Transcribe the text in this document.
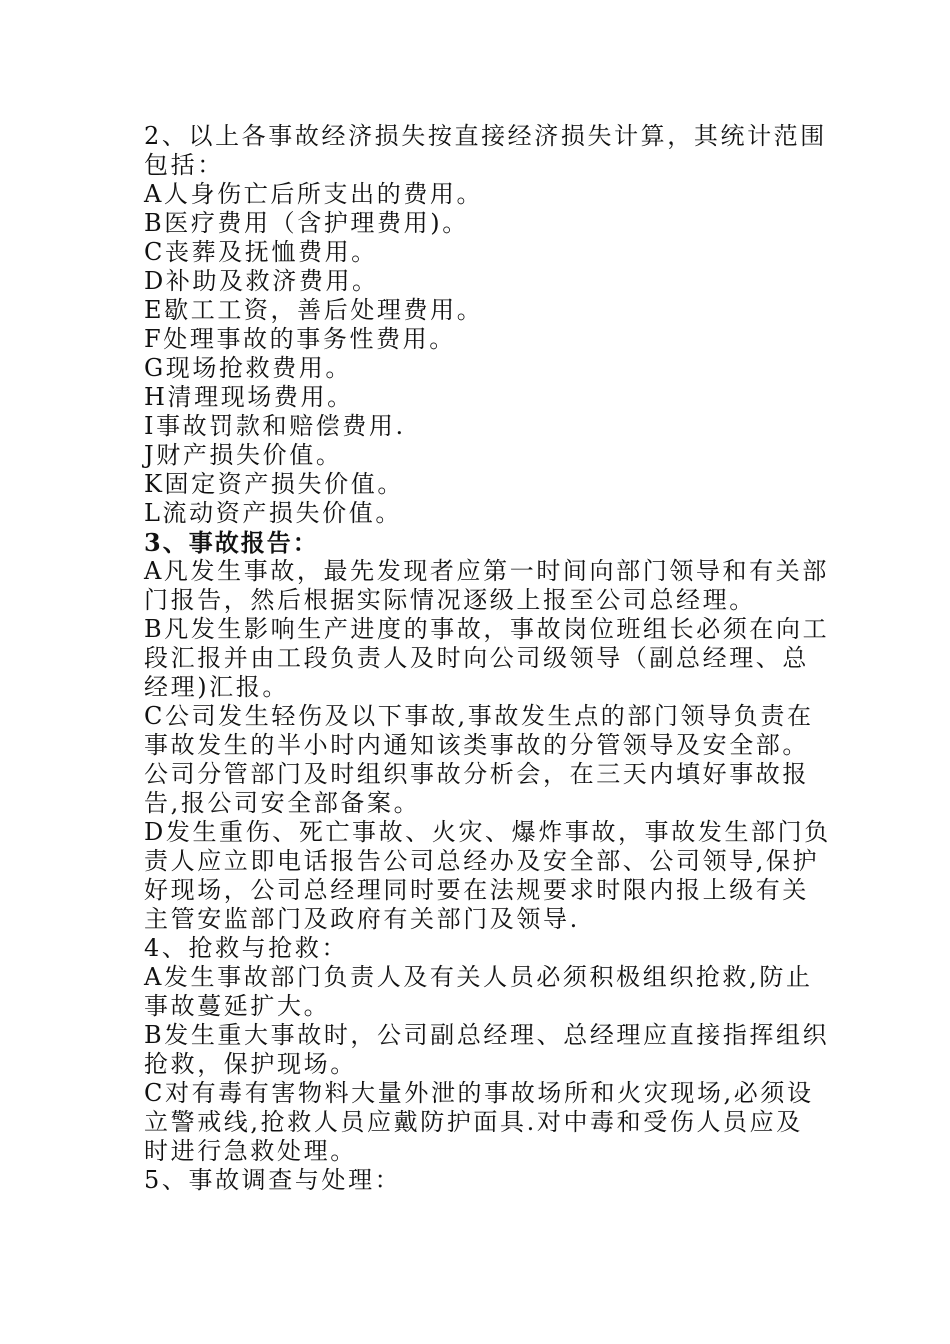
2、以上各事故经济损失按直接经济损失计算，其统计范围
包括：
A人身伤亡后所支出的费用。
B医疗费用（含护理费用)。
C丧葬及抚恤费用。
D补助及救济费用。
E歇工工资，善后处理费用。
F处理事故的事务性费用。
G现场抢救费用。
H清理现场费用。
I事故罚款和赔偿费用.
J财产损失价值。
K固定资产损失价值。
L流动资产损失价值。
3、事故报告：
A凡发生事故，最先发现者应第一时间向部门领导和有关部
门报告，然后根据实际情况逐级上报至公司总经理。
B凡发生影响生产进度的事故，事故岗位班组长必须在向工
段汇报并由工段负责人及时向公司级领导（副总经理、总
经理)汇报。
C公司发生轻伤及以下事故,事故发生点的部门领导负责在
事故发生的半小时内通知该类事故的分管领导及安全部。
公司分管部门及时组织事故分析会，在三天内填好事故报
告,报公司安全部备案。
D发生重伤、死亡事故、火灾、爆炸事故，事故发生部门负
责人应立即电话报告公司总经办及安全部、公司领导,保护
好现场，公司总经理同时要在法规要求时限内报上级有关
主管安监部门及政府有关部门及领导.
4、抢救与抢救：
A发生事故部门负责人及有关人员必须积极组织抢救,防止
事故蔓延扩大。
B发生重大事故时，公司副总经理、总经理应直接指挥组织
抢救，保护现场。
C对有毒有害物料大量外泄的事故场所和火灾现场,必须设
立警戒线,抢救人员应戴防护面具.对中毒和受伤人员应及
时进行急救处理。
5、事故调查与处理：
